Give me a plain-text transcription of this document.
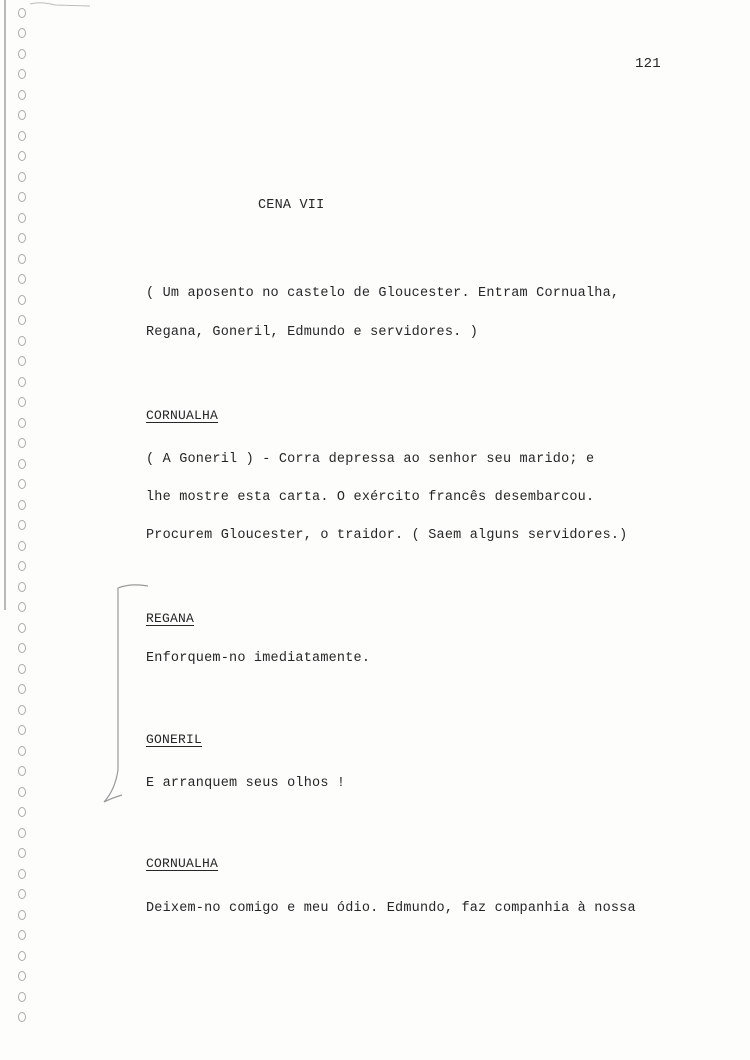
121
CENA VII
( Um aposento no castelo de Gloucester. Entram Cornualha,
Regana, Goneril, Edmundo e servidores. )
CORNUALHA
( A Goneril ) - Corra depressa ao senhor seu marido; e
lhe mostre esta carta. O exército francês desembarcou.
Procurem Gloucester, o traidor. ( Saem alguns servidores.)
REGANA
Enforquem-no imediatamente.
GONERIL
E arranquem seus olhos !
CORNUALHA
Deixem-no comigo e meu ódio. Edmundo, faz companhia à nossa
